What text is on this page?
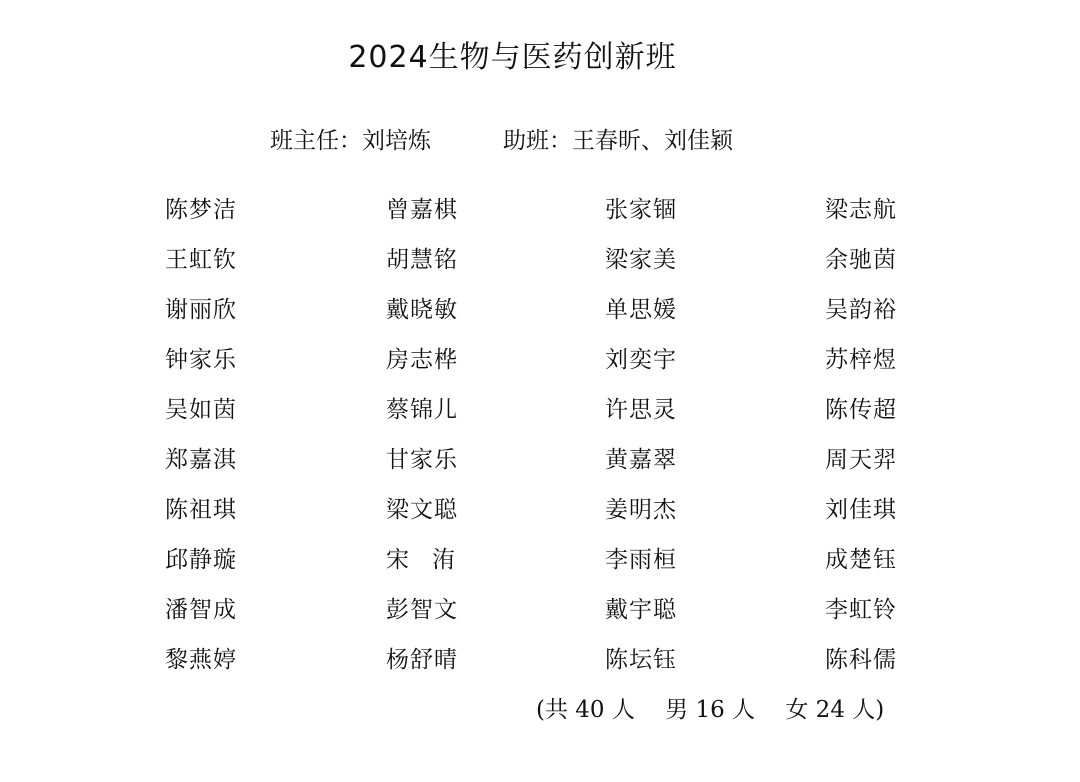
2024生物与医药创新班
班主任：刘培炼	助班：王春昕、刘佳颖
陈梦洁	曾嘉棋	张家锢	梁志航
王虹钦	胡慧铭	梁家美	余驰茵
谢丽欣	戴晓敏	单思媛	吴韵裕
钟家乐	房志桦	刘奕宇	苏梓煜
吴如茵	蔡锦儿	许思灵	陈传超
郑嘉淇	甘家乐	黄嘉翠	周天羿
陈祖琪	梁文聪	姜明杰	刘佳琪
邱静璇	宋　洧	李雨桓	成楚钰
潘智成	彭智文	戴宇聪	李虹铃
黎燕婷	杨舒晴	陈坛钰	陈科儒
(共 40 人　 男 16 人　 女 24 人)
